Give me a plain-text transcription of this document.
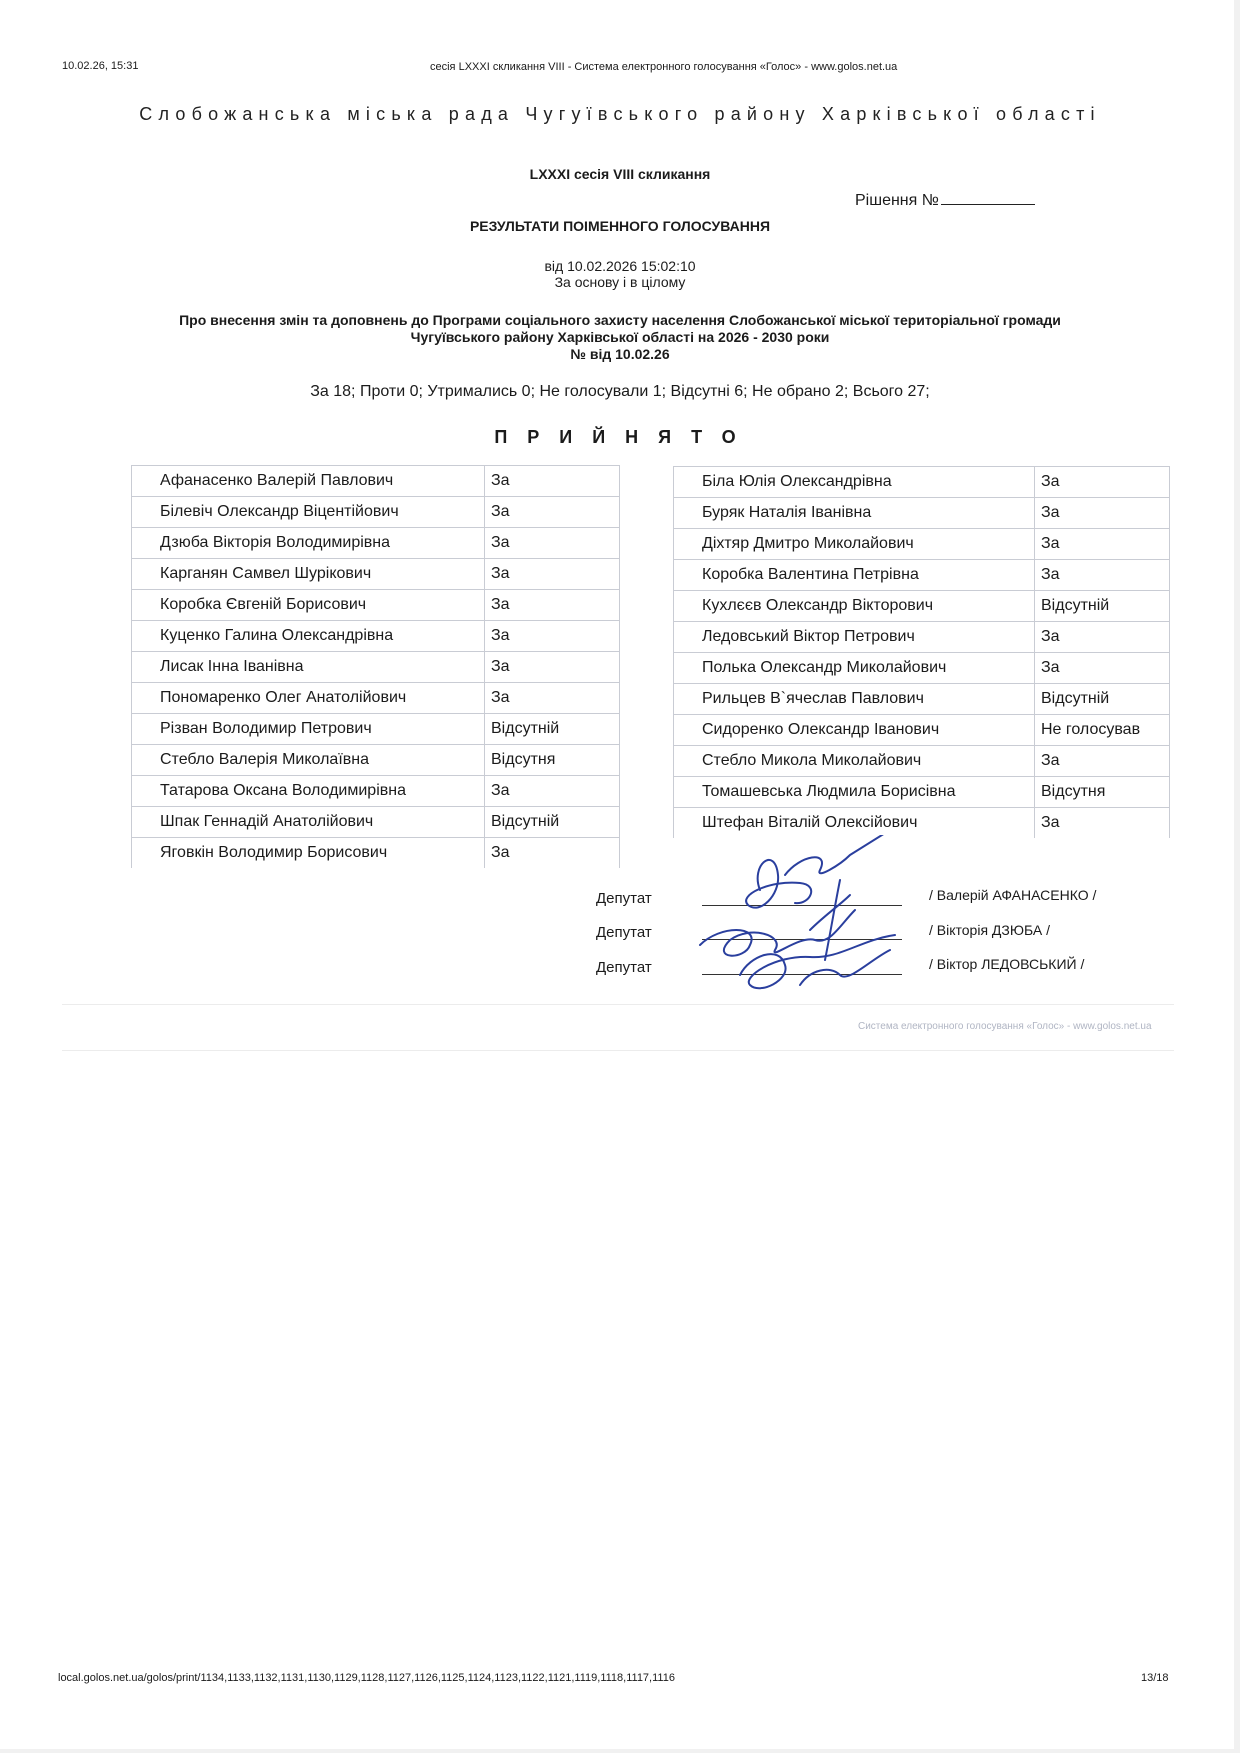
10.02.26, 15:31	сесія LXXXI скликання VIII - Система електронного голосування «Голос» - www.golos.net.ua
Слобожанська міська рада Чугуївського району Харківської області
LXXXI сесія VIII скликання
Рішення №
РЕЗУЛЬТАТИ ПОІМЕННОГО ГОЛОСУВАННЯ
від 10.02.2026 15:02:10
За основу і в цілому
Про внесення змін та доповнень до Програми соціального захисту населення Слобожанської міської територіальної громади
Чугуївського району Харківської області на 2026 - 2030 роки
№ від 10.02.26
За 18; Проти 0; Утримались 0; Не голосували 1; Відсутні 6; Не обрано 2; Всього 27;
ПРИЙНЯТО
Афанасенко Валерій Павлович	За
Білевіч Олександр Віцентійович	За
Дзюба Вікторія Володимирівна	За
Карганян Самвел Шурікович	За
Коробка Євгеній Борисович	За
Куценко Галина Олександрівна	За
Лисак Інна Іванівна	За
Пономаренко Олег Анатолійович	За
Різван Володимир Петрович	Відсутній
Стебло Валерія Миколаївна	Відсутня
Татарова Оксана Володимирівна	За
Шпак Геннадій Анатолійович	Відсутній
Яговкін Володимир Борисович	За
Біла Юлія Олександрівна	За
Буряк Наталія Іванівна	За
Діхтяр Дмитро Миколайович	За
Коробка Валентина Петрівна	За
Кухлєєв Олександр Вікторович	Відсутній
Ледовський Віктор Петрович	За
Полька Олександр Миколайович	За
Рильцев В`ячеслав Павлович	Відсутній
Сидоренко Олександр Іванович	Не голосував
Стебло Микола Миколайович	За
Томашевська Людмила Борисівна	Відсутня
Штефан Віталій Олексійович	За
Депутат	/ Валерій АФАНАСЕНКО /
Депутат	/ Вікторія ДЗЮБА /
Депутат	/ Віктор ЛЕДОВСЬКИЙ /
Система електронного голосування «Голос» - www.golos.net.ua
local.golos.net.ua/golos/print/1134,1133,1132,1131,1130,1129,1128,1127,1126,1125,1124,1123,1122,1121,1119,1118,1117,1116	13/18
